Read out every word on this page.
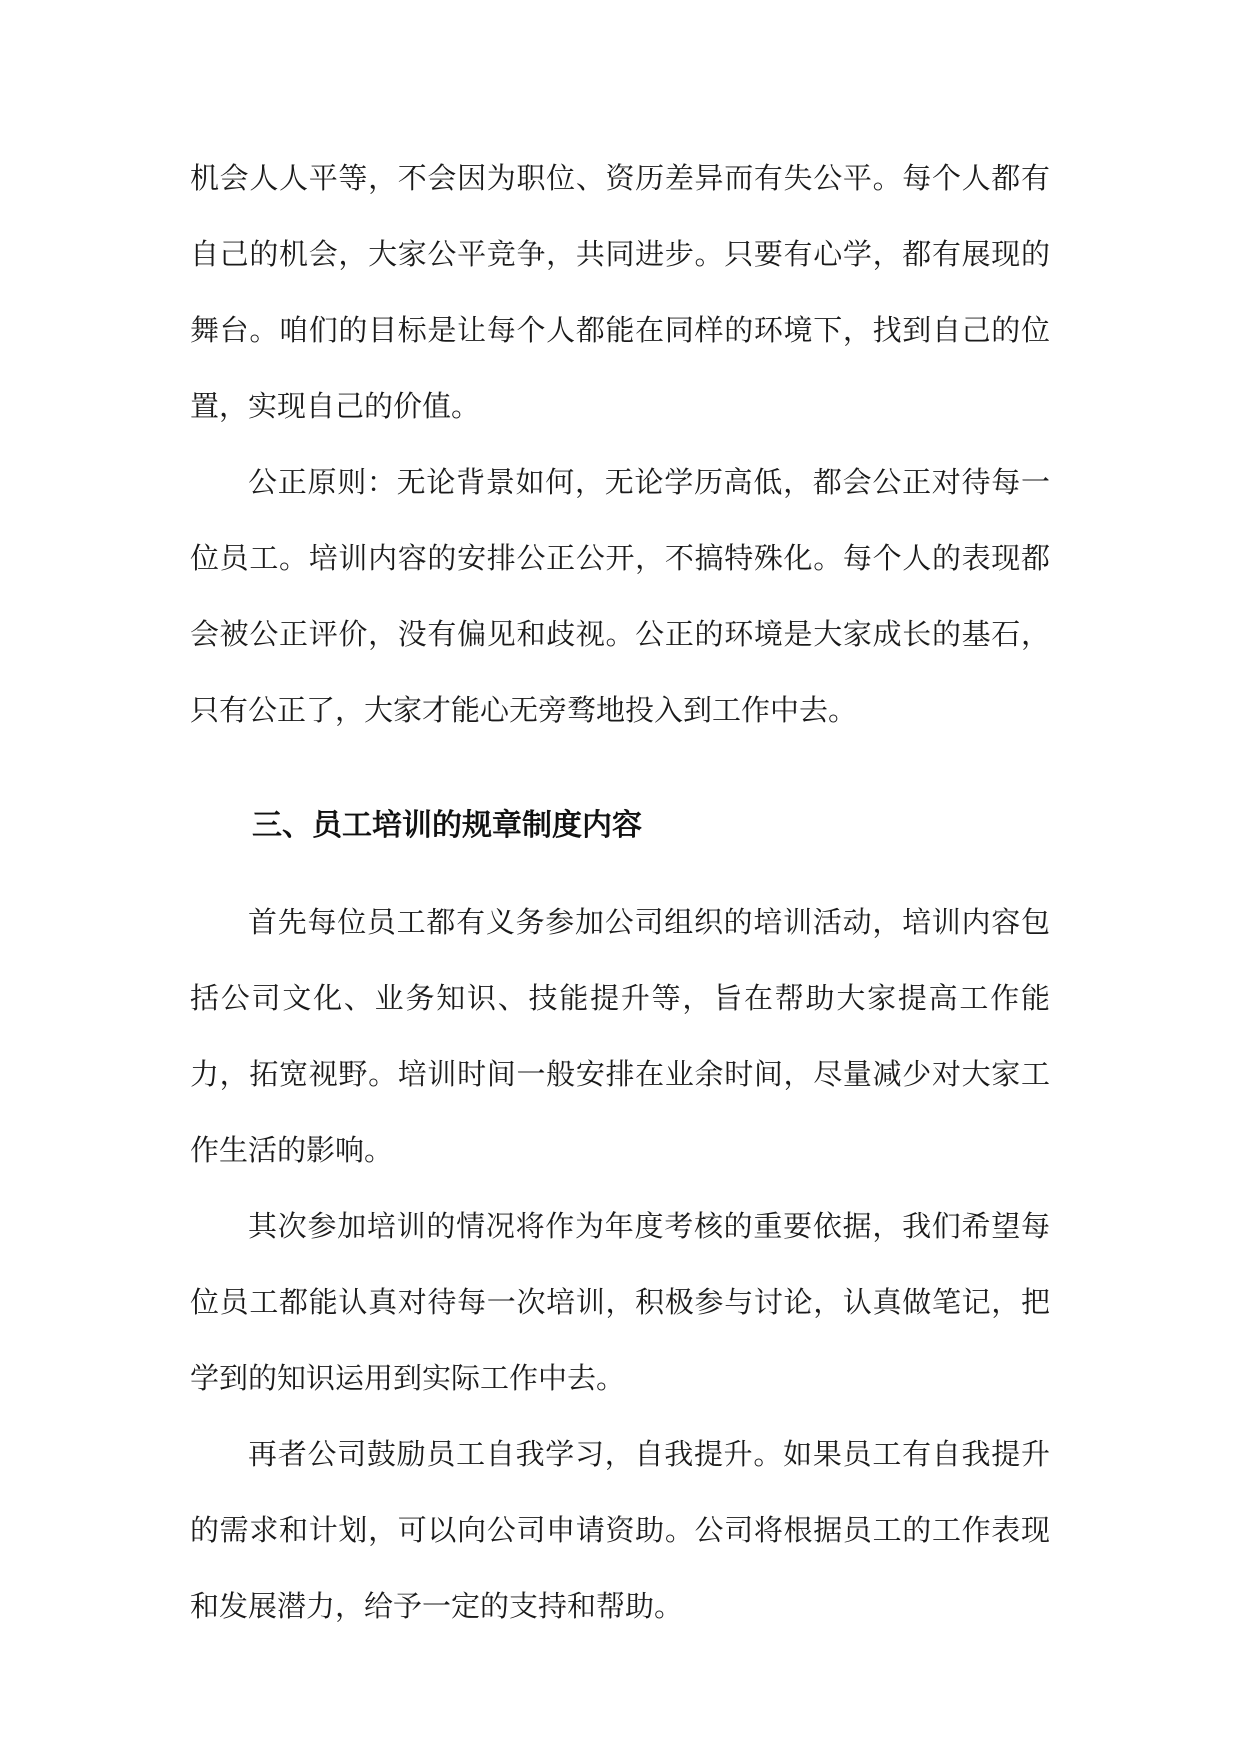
机会人人平等，不会因为职位、资历差异而有失公平。每个人都有自己的机会，大家公平竞争，共同进步。只要有心学，都有展现的舞台。咱们的目标是让每个人都能在同样的环境下，找到自己的位置，实现自己的价值。

公正原则：无论背景如何，无论学历高低，都会公正对待每一位员工。培训内容的安排公正公开，不搞特殊化。每个人的表现都会被公正评价，没有偏见和歧视。公正的环境是大家成长的基石，只有公正了，大家才能心无旁骛地投入到工作中去。

三、员工培训的规章制度内容

首先每位员工都有义务参加公司组织的培训活动，培训内容包括公司文化、业务知识、技能提升等，旨在帮助大家提高工作能力，拓宽视野。培训时间一般安排在业余时间，尽量减少对大家工作生活的影响。

其次参加培训的情况将作为年度考核的重要依据，我们希望每位员工都能认真对待每一次培训，积极参与讨论，认真做笔记，把学到的知识运用到实际工作中去。

再者公司鼓励员工自我学习，自我提升。如果员工有自我提升的需求和计划，可以向公司申请资助。公司将根据员工的工作表现和发展潜力，给予一定的支持和帮助。
